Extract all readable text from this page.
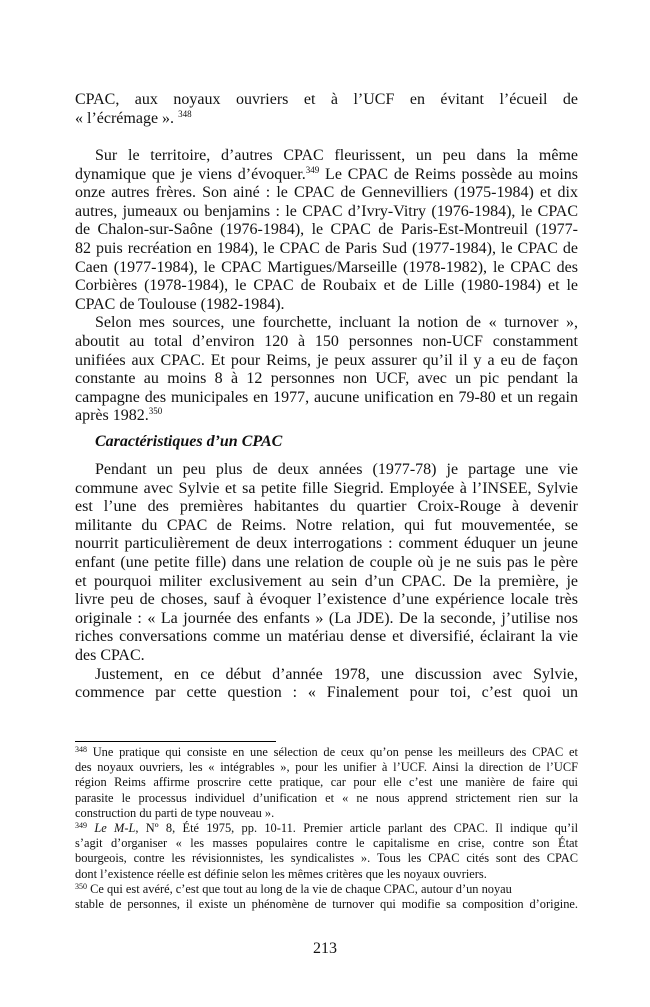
CPAC, aux noyaux ouvriers et à l’UCF en évitant l’écueil de
« l’écrémage ». $^{348}$
Sur le territoire, d’autres CPAC fleurissent, un peu dans la même
dynamique que je viens d’évoquer.$^{349}$ Le CPAC de Reims possède au moins
onze autres frères. Son ainé : le CPAC de Gennevilliers (1975-1984) et dix
autres, jumeaux ou benjamins : le CPAC d’Ivry-Vitry (1976-1984), le CPAC
de Chalon-sur-Saône (1976-1984), le CPAC de Paris-Est-Montreuil (1977-
82 puis recréation en 1984), le CPAC de Paris Sud (1977-1984), le CPAC de
Caen (1977-1984), le CPAC Martigues/Marseille (1978-1982), le CPAC des
Corbières (1978-1984), le CPAC de Roubaix et de Lille (1980-1984) et le
CPAC de Toulouse (1982-1984).
Selon mes sources, une fourchette, incluant la notion de « turnover »,
aboutit au total d’environ 120 à 150 personnes non-UCF constamment
unifiées aux CPAC. Et pour Reims, je peux assurer qu’il il y a eu de façon
constante au moins 8 à 12 personnes non UCF, avec un pic pendant la
campagne des municipales en 1977, aucune unification en 79-80 et un regain
après 1982.$^{350}$
Caractéristiques d’un CPAC
Pendant un peu plus de deux années (1977-78) je partage une vie
commune avec Sylvie et sa petite fille Siegrid. Employée à l’INSEE, Sylvie
est l’une des premières habitantes du quartier Croix-Rouge à devenir
militante du CPAC de Reims. Notre relation, qui fut mouvementée, se
nourrit particulièrement de deux interrogations : comment éduquer un jeune
enfant (une petite fille) dans une relation de couple où je ne suis pas le père
et pourquoi militer exclusivement au sein d’un CPAC. De la première, je
livre peu de choses, sauf à évoquer l’existence d’une expérience locale très
originale : « La journée des enfants » (La JDE). De la seconde, j’utilise nos
riches conversations comme un matériau dense et diversifié, éclairant la vie
des CPAC.
Justement, en ce début d’année 1978, une discussion avec Sylvie,
commence par cette question : « Finalement pour toi, c’est quoi un
$^{348}$ Une pratique qui consiste en une sélection de ceux qu’on pense les meilleurs des CPAC et
des noyaux ouvriers, les « intégrables », pour les unifier à l’UCF. Ainsi la direction de l’UCF
région Reims affirme proscrire cette pratique, car pour elle c’est une manière de faire qui
parasite le processus individuel d’unification et « ne nous apprend strictement rien sur la
construction du parti de type nouveau ».
$^{349}$ Le M-L, Nº 8, Été 1975, pp. 10-11. Premier article parlant des CPAC. Il indique qu’il
s’agit d’organiser « les masses populaires contre le capitalisme en crise, contre son État
bourgeois, contre les révisionnistes, les syndicalistes ». Tous les CPAC cités sont des CPAC
dont l’existence réelle est définie selon les mêmes critères que les noyaux ouvriers.
$^{350}$ Ce qui est avéré, c’est que tout au long de la vie de chaque CPAC, autour d’un noyau
stable de personnes, il existe un phénomène de turnover qui modifie sa composition d’origine.
213
